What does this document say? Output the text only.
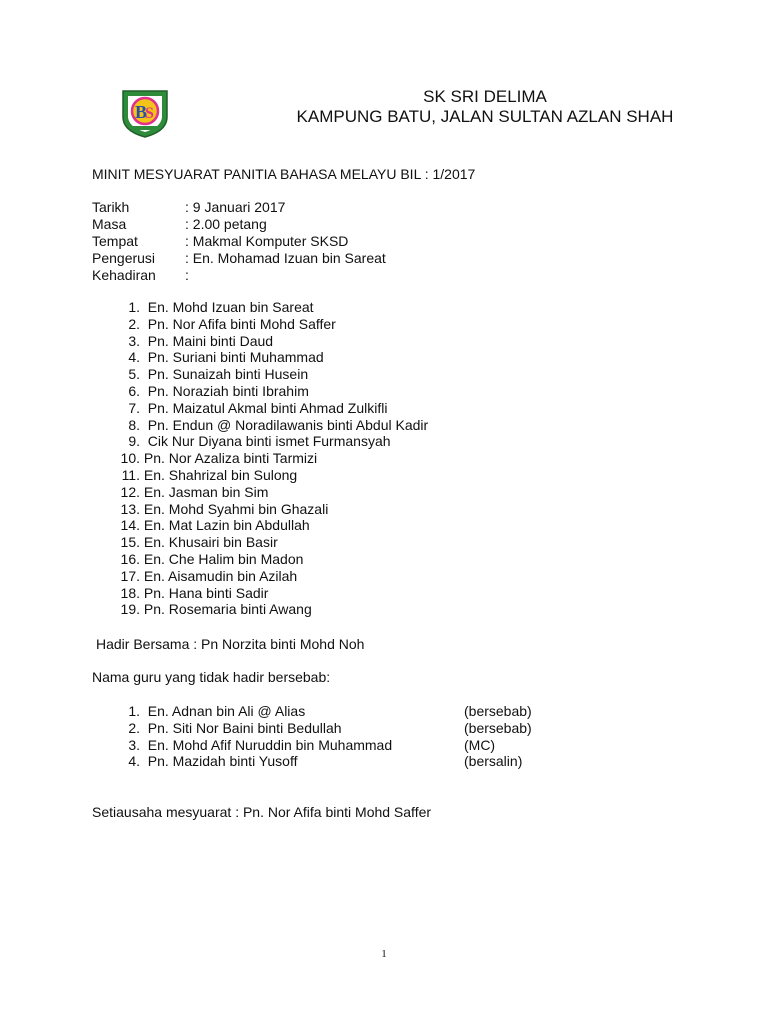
B
S
SK SRI DELIMA
KAMPUNG BATU, JALAN SULTAN AZLAN SHAH
MINIT MESYUARAT PANITIA BAHASA MELAYU BIL : 1/2017
Tarikh	: 9 Januari 2017
Masa	: 2.00 petang
Tempat	: Makmal Komputer SKSD
Pengerusi : En. Mohamad Izuan bin Sareat
Kehadiran :
1. En. Mohd Izuan bin Sareat
2. Pn. Nor Afifa binti Mohd Saffer
3. Pn. Maini binti Daud
4. Pn. Suriani binti Muhammad
5. Pn. Sunaizah binti Husein
6. Pn. Noraziah binti Ibrahim
7. Pn. Maizatul Akmal binti Ahmad Zulkifli
8. Pn. Endun @ Noradilawanis binti Abdul Kadir
9. Cik Nur Diyana binti ismet Furmansyah
10. Pn. Nor Azaliza binti Tarmizi
11. En. Shahrizal bin Sulong
12. En. Jasman bin Sim
13. En. Mohd Syahmi bin Ghazali
14. En. Mat Lazin bin Abdullah
15. En. Khusairi bin Basir
16. En. Che Halim bin Madon
17. En. Aisamudin bin Azilah
18. Pn. Hana binti Sadir
19. Pn. Rosemaria binti Awang
Hadir Bersama : Pn Norzita binti Mohd Noh
Nama guru yang tidak hadir bersebab:
1. En. Adnan bin Ali @ Alias	(bersebab)
2. Pn. Siti Nor Baini binti Bedullah	(bersebab)
3. En. Mohd Afif Nuruddin bin Muhammad	(MC)
4. Pn. Mazidah binti Yusoff	(bersalin)
Setiausaha mesyuarat : Pn. Nor Afifa binti Mohd Saffer
1
